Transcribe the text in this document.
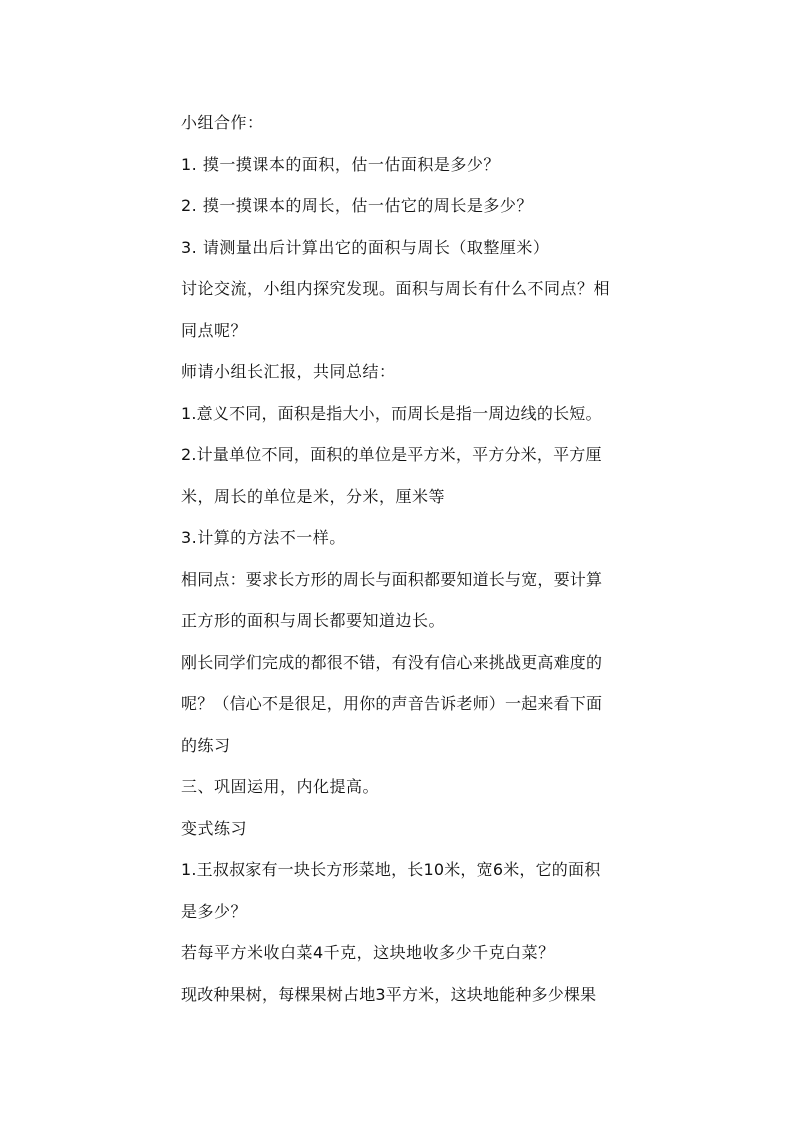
小组合作：
1. 摸一摸课本的面积，估一估面积是多少？
2. 摸一摸课本的周长，估一估它的周长是多少？
3. 请测量出后计算出它的面积与周长（取整厘米）
讨论交流，小组内探究发现。面积与周长有什么不同点？相
同点呢？
师请小组长汇报，共同总结：
1.意义不同，面积是指大小，而周长是指一周边线的长短。
2.计量单位不同，面积的单位是平方米，平方分米，平方厘
米，周长的单位是米，分米，厘米等
3.计算的方法不一样。
相同点：要求长方形的周长与面积都要知道长与宽，要计算
正方形的面积与周长都要知道边长。
刚长同学们完成的都很不错，有没有信心来挑战更高难度的
呢？（信心不是很足，用你的声音告诉老师）一起来看下面
的练习
三、巩固运用，内化提高。
变式练习
1.王叔叔家有一块长方形菜地，长10米，宽6米，它的面积
是多少？
若每平方米收白菜4千克，这块地收多少千克白菜？
现改种果树，每棵果树占地3平方米，这块地能种多少棵果
